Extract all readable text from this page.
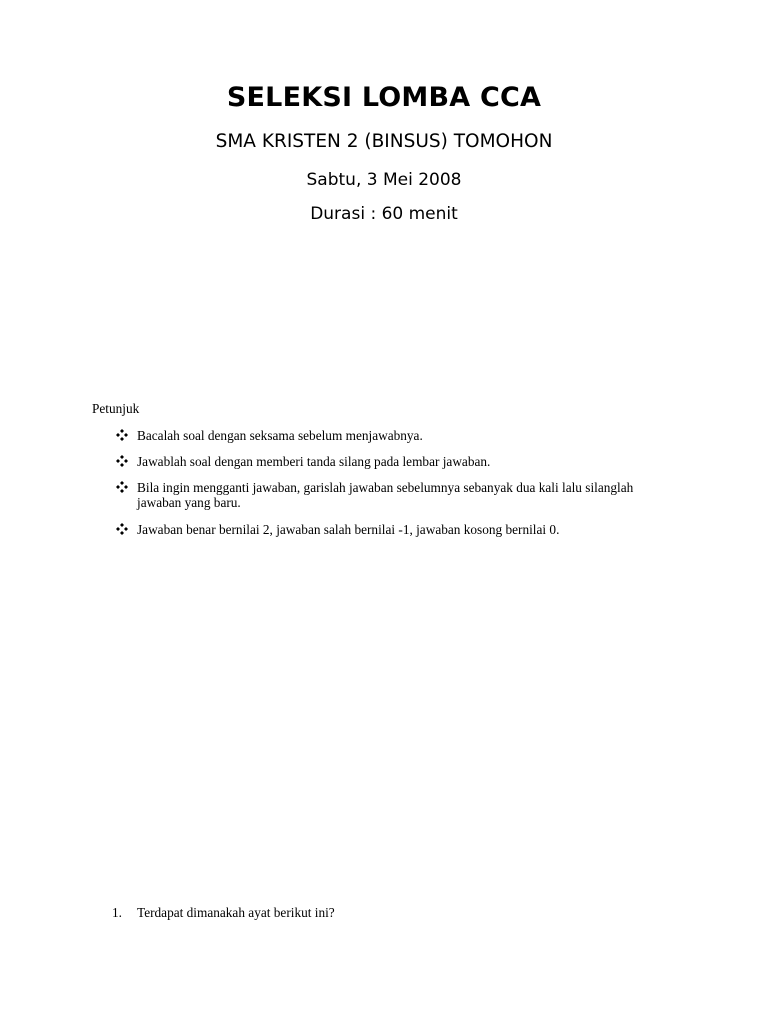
SELEKSI LOMBA CCA
SMA KRISTEN 2 (BINSUS) TOMOHON
Sabtu, 3 Mei 2008
Durasi : 60 menit
Petunjuk
Bacalah soal dengan seksama sebelum menjawabnya.
Jawablah soal dengan memberi tanda silang pada lembar jawaban.
Bila ingin mengganti jawaban, garislah jawaban sebelumnya sebanyak dua kali lalu silanglah jawaban yang baru.
Jawaban benar bernilai 2, jawaban salah bernilai -1, jawaban kosong bernilai 0.
1. Terdapat dimanakah ayat berikut ini?
